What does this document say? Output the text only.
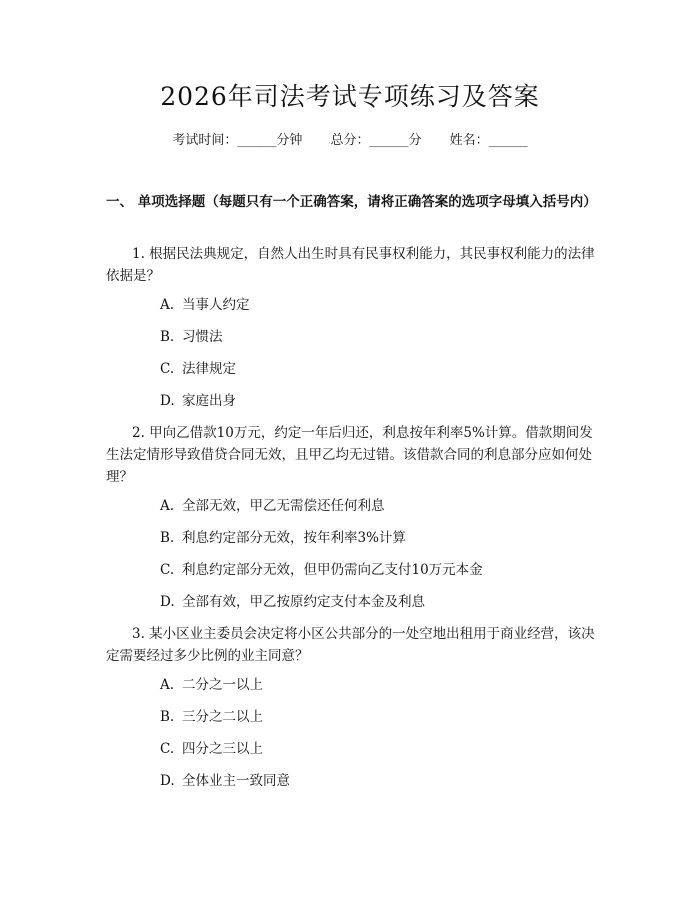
2026年司法考试专项练习及答案
考试时间：______分钟 总分：______分 姓名：______
一、 单项选择题（每题只有一个正确答案，请将正确答案的选项字母填入括号内）
1. 根据民法典规定，自然人出生时具有民事权利能力，其民事权利能力的法律依据是？
A. 当事人约定
B. 习惯法
C. 法律规定
D. 家庭出身
2. 甲向乙借款10万元，约定一年后归还，利息按年利率5%计算。借款期间发生法定情形导致借贷合同无效，且甲乙均无过错。该借款合同的利息部分应如何处理？
A. 全部无效，甲乙无需偿还任何利息
B. 利息约定部分无效，按年利率3%计算
C. 利息约定部分无效，但甲仍需向乙支付10万元本金
D. 全部有效，甲乙按原约定支付本金及利息
3. 某小区业主委员会决定将小区公共部分的一处空地出租用于商业经营，该决定需要经过多少比例的业主同意？
A. 二分之一以上
B. 三分之二以上
C. 四分之三以上
D. 全体业主一致同意
